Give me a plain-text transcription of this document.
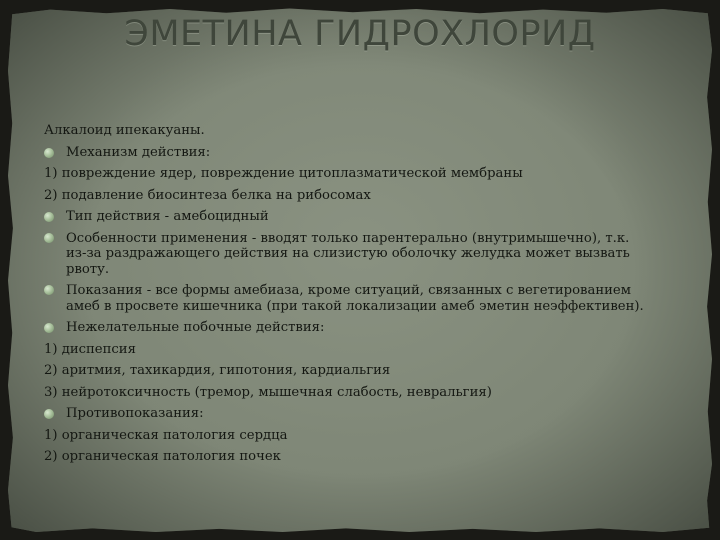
ЭМЕТИНА ГИДРОХЛОРИД
Алкалоид ипекакуаны.
Механизм действия:
1) повреждение ядер, повреждение цитоплазматической мембраны
2) подавление биосинтеза белка на рибосомах
Тип действия - амебоцидный
Особенности применения - вводят только парентерально (внутримышечно), т.к.
из-за раздражающего действия на слизистую оболочку желудка может вызвать
рвоту.
Показания - все формы амебиаза, кроме ситуаций, связанных с вегетированием
амеб в просвете кишечника (при такой локализации амеб эметин неэффективен).
Нежелательные побочные действия:
1) диспепсия
2) аритмия, тахикардия, гипотония, кардиальгия
3) нейротоксичность (тремор, мышечная слабость, невральгия)
Противопоказания:
1) органическая патология сердца
2) органическая патология почек
